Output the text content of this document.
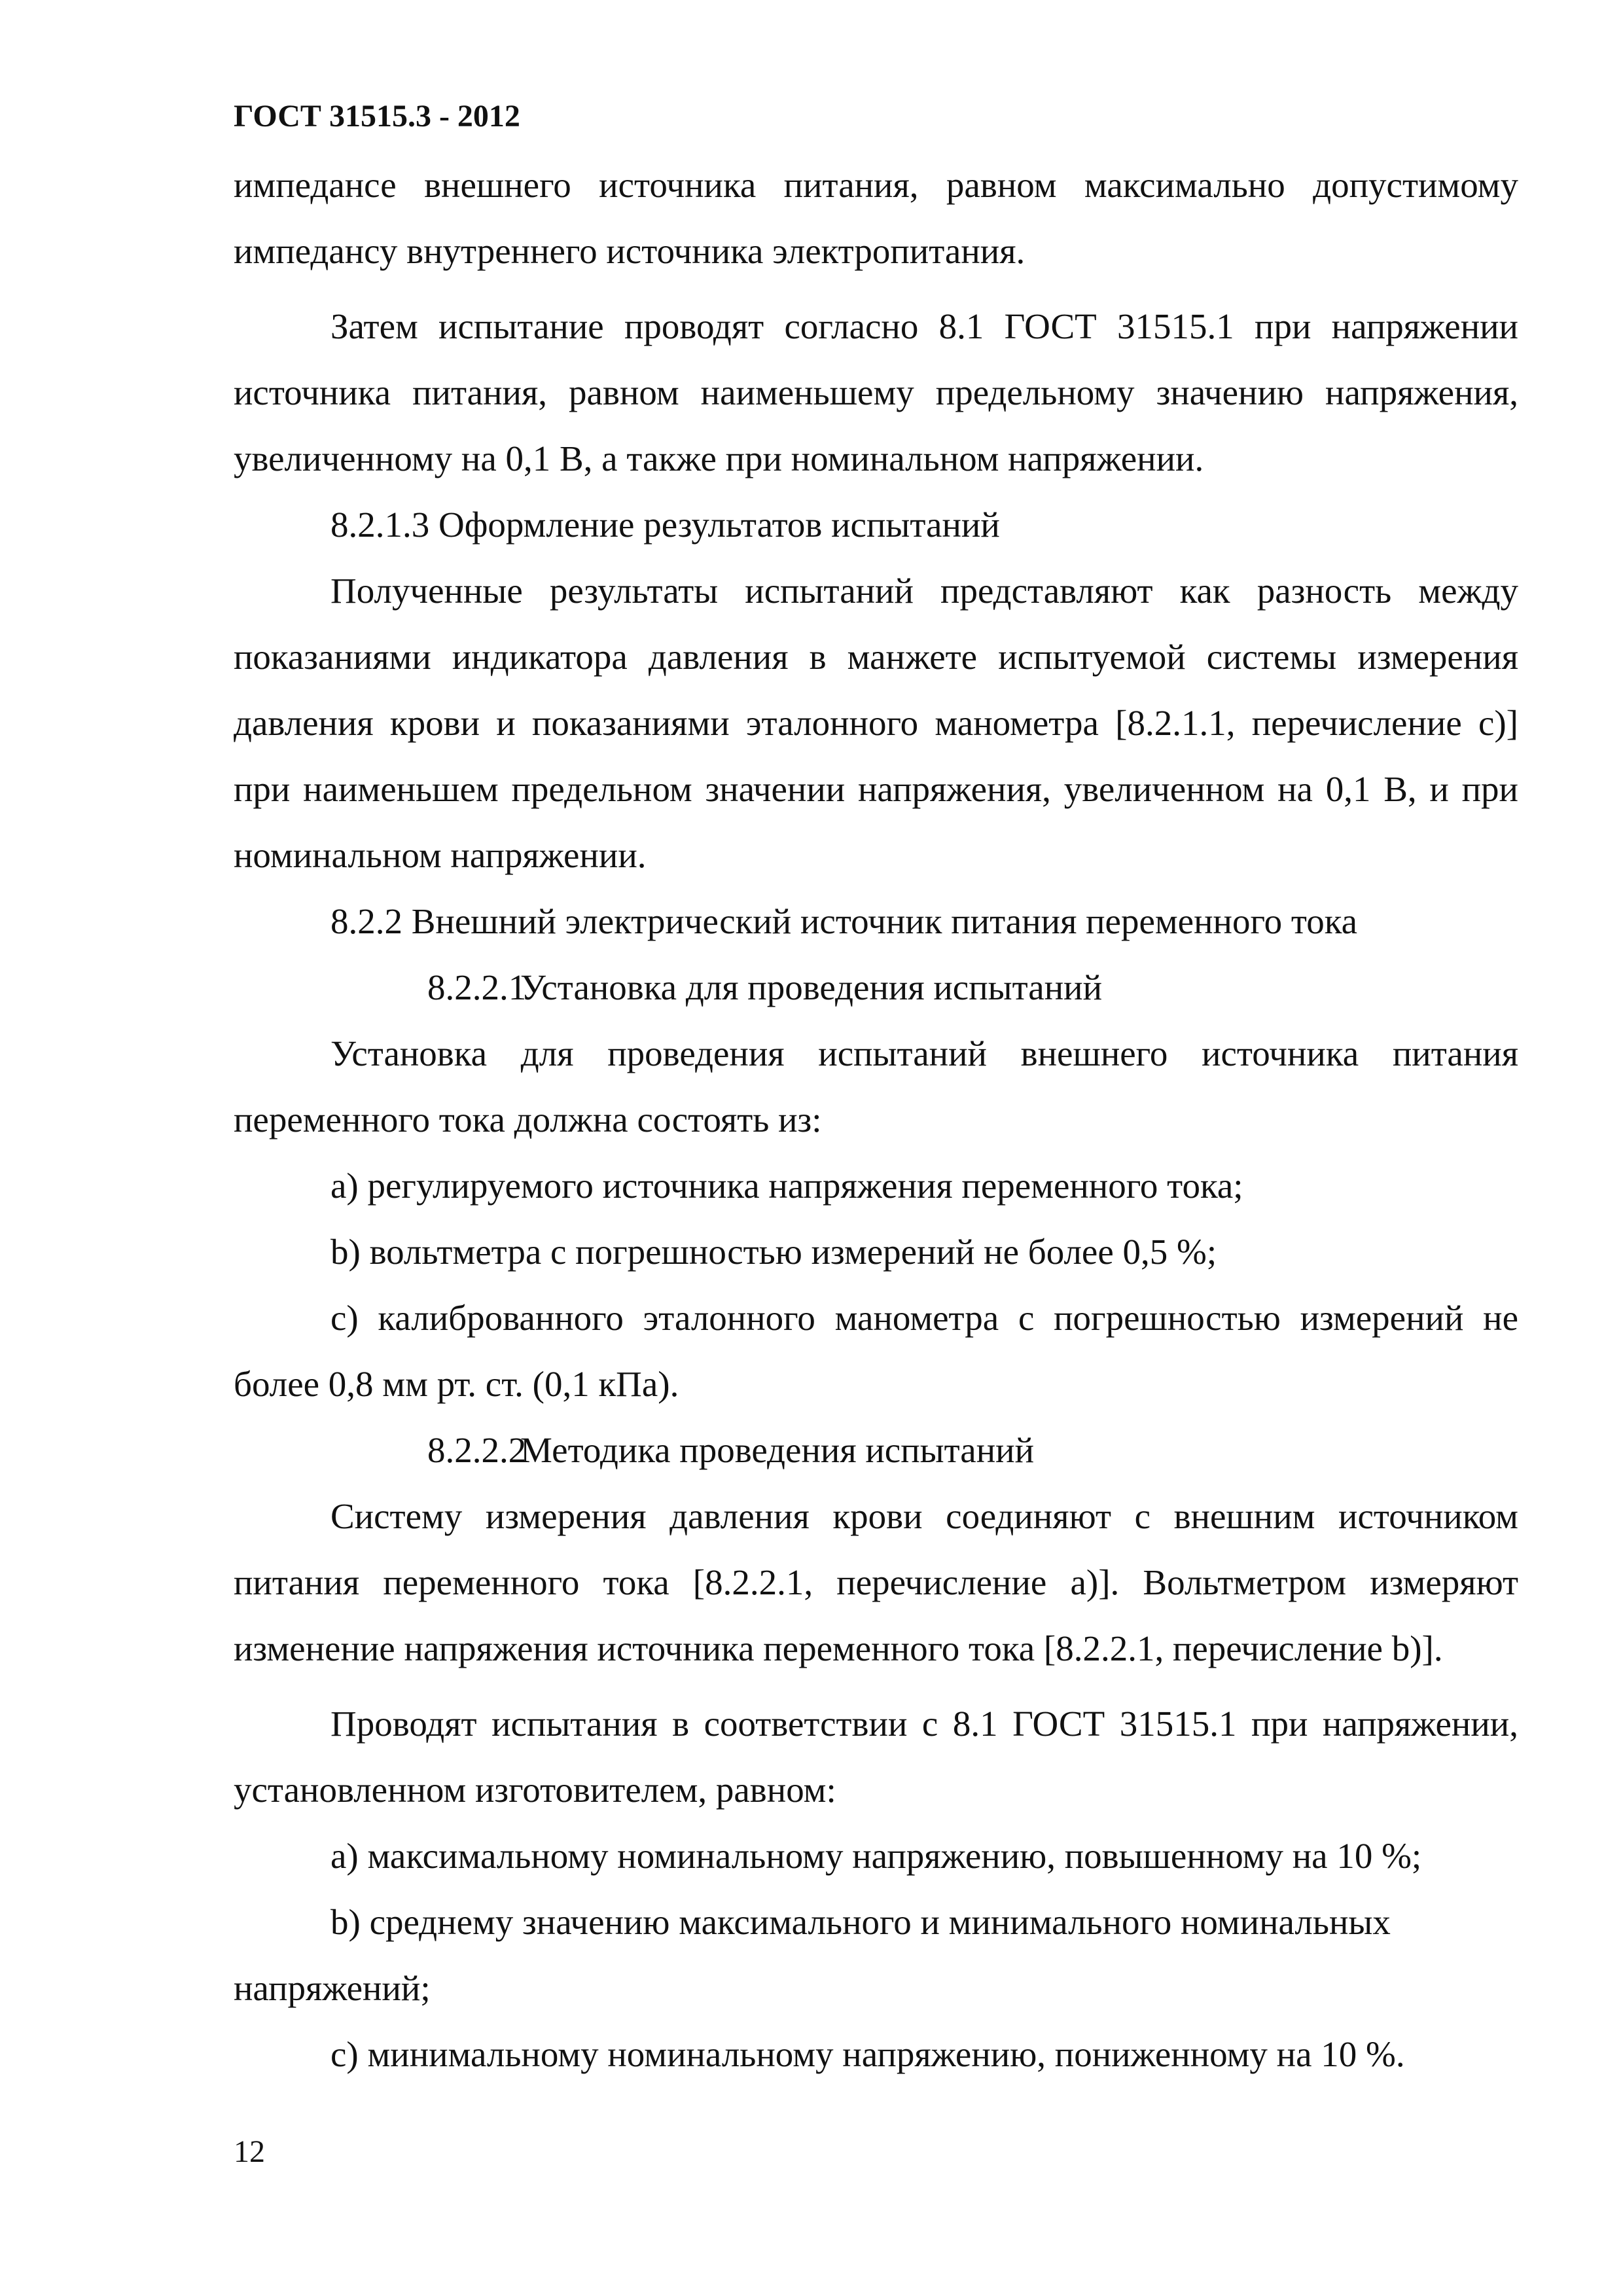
ГОСТ 31515.3 - 2012

импедансе внешнего источника питания, равном максимально допустимому импедансу внутреннего источника электропитания.

Затем испытание проводят согласно 8.1 ГОСТ 31515.1 при напряжении источника питания, равном наименьшему предельному значению напряжения, увеличенному на 0,1 В, а также при номинальном напряжении.

8.2.1.3 Оформление результатов испытаний

Полученные результаты испытаний представляют как разность между показаниями индикатора давления в манжете испытуемой системы измерения давления крови и показаниями эталонного манометра [8.2.1.1, перечисление с)] при наименьшем предельном значении напряжения, увеличенном на 0,1 В, и при номинальном напряжении.

8.2.2 Внешний электрический источник питания переменного тока

8.2.2.1Установка для проведения испытаний

Установка для проведения испытаний внешнего источника питания переменного тока должна состоять из:

а) регулируемого источника напряжения переменного тока;

b) вольтметра с погрешностью измерений не более 0,5 %;

с) калиброванного эталонного манометра с погрешностью измерений не более 0,8 мм рт. ст. (0,1 кПа).

8.2.2.2Методика проведения испытаний

Систему измерения давления крови соединяют с внешним источником питания переменного тока [8.2.2.1, перечисление а)]. Вольтметром измеряют изменение напряжения источника переменного тока [8.2.2.1, перечисление b)].

Проводят испытания в соответствии с 8.1 ГОСТ 31515.1 при напряжении, установленном изготовителем, равном:

а) максимальному номинальному напряжению, повышенному на 10 %;

b) среднему значению максимального и минимального номинальных напряжений;

с) минимальному номинальному напряжению, пониженному на 10 %.

12
